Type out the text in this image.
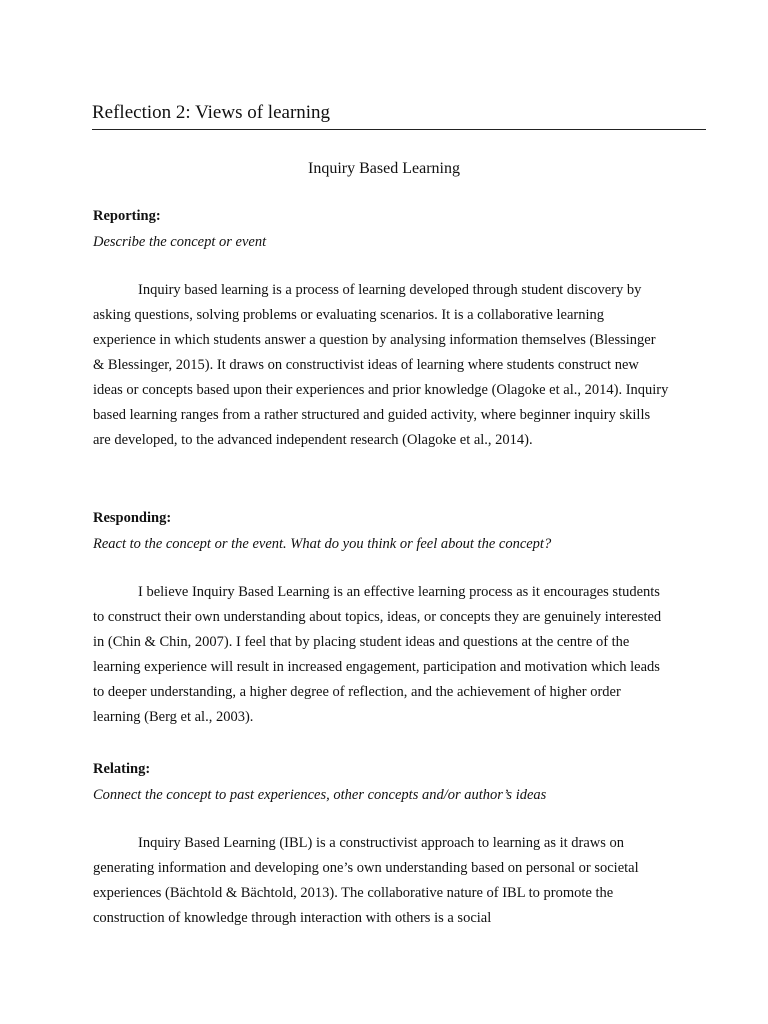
Reflection 2: Views of learning
Inquiry Based Learning
Reporting:
Describe the concept or event
Inquiry based learning is a process of learning developed through student discovery by asking questions, solving problems or evaluating scenarios. It is a collaborative learning experience in which students answer a question by analysing information themselves (Blessinger & Blessinger, 2015). It draws on constructivist ideas of learning where students construct new ideas or concepts based upon their experiences and prior knowledge (Olagoke et al., 2014). Inquiry based learning ranges from a rather structured and guided activity, where beginner inquiry skills are developed, to the advanced independent research (Olagoke et al., 2014).
Responding:
React to the concept or the event. What do you think or feel about the concept?
I believe Inquiry Based Learning is an effective learning process as it encourages students to construct their own understanding about topics, ideas, or concepts they are genuinely interested in (Chin & Chin, 2007). I feel that by placing student ideas and questions at the centre of the learning experience will result in increased engagement, participation and motivation which leads to deeper understanding, a higher degree of reflection, and the achievement of higher order learning (Berg et al., 2003).
Relating:
Connect the concept to past experiences, other concepts and/or author’s ideas
Inquiry Based Learning (IBL) is a constructivist approach to learning as it draws on generating information and developing one’s own understanding based on personal or societal experiences (Bächtold & Bächtold, 2013). The collaborative nature of IBL to promote the construction of knowledge through interaction with others is a social
